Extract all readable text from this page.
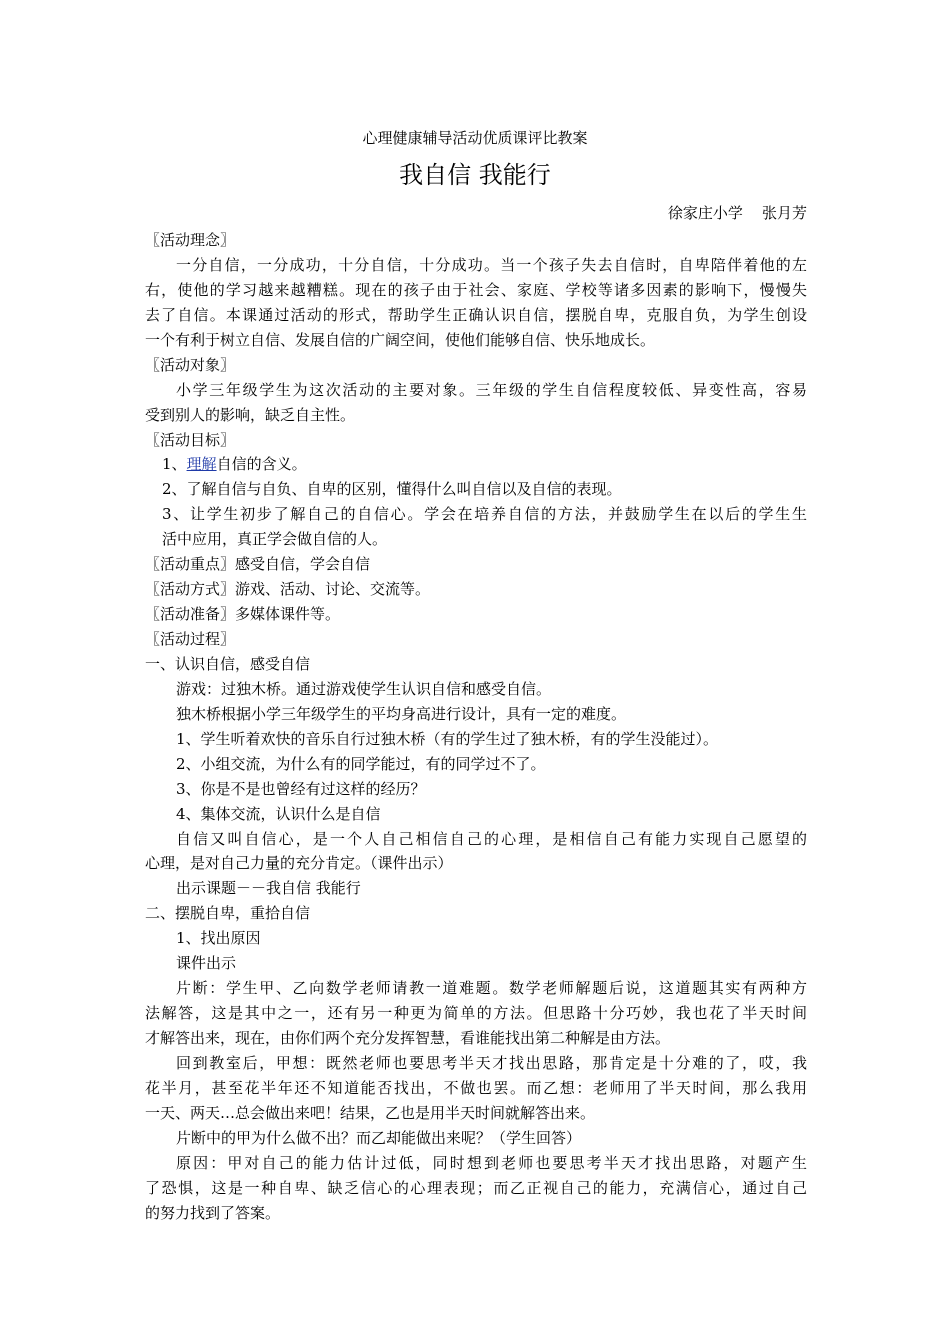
心理健康辅导活动优质课评比教案
我自信 我能行
徐家庄小学    张月芳
〖活动理念〗
一分自信，一分成功，十分自信，十分成功。当一个孩子失去自信时，自卑陪伴着他的左
右，使他的学习越来越糟糕。现在的孩子由于社会、家庭、学校等诸多因素的影响下，慢慢失
去了自信。本课通过活动的形式，帮助学生正确认识自信，摆脱自卑，克服自负，为学生创设
一个有利于树立自信、发展自信的广阔空间，使他们能够自信、快乐地成长。
〖活动对象〗
小学三年级学生为这次活动的主要对象。三年级的学生自信程度较低、异变性高，容易
受到别人的影响，缺乏自主性。
〖活动目标〗
1、理解自信的含义。
2、了解自信与自负、自卑的区别，懂得什么叫自信以及自信的表现。
3、让学生初步了解自己的自信心。学会在培养自信的方法，并鼓励学生在以后的学生生
活中应用，真正学会做自信的人。
〖活动重点〗感受自信，学会自信
〖活动方式〗游戏、活动、讨论、交流等。
〖活动准备〗多媒体课件等。
〖活动过程〗
一、认识自信，感受自信
游戏：过独木桥。通过游戏使学生认识自信和感受自信。
独木桥根据小学三年级学生的平均身高进行设计，具有一定的难度。
1、学生听着欢快的音乐自行过独木桥（有的学生过了独木桥，有的学生没能过）。
2、小组交流，为什么有的同学能过，有的同学过不了。
3、你是不是也曾经有过这样的经历？
4、集体交流，认识什么是自信
自信又叫自信心，是一个人自己相信自己的心理，是相信自己有能力实现自己愿望的
心理，是对自己力量的充分肯定。（课件出示）
出示课题－－我自信 我能行
二、摆脱自卑，重拾自信
1、找出原因
课件出示
片断：学生甲、乙向数学老师请教一道难题。数学老师解题后说，这道题其实有两种方
法解答，这是其中之一，还有另一种更为简单的方法。但思路十分巧妙，我也花了半天时间
才解答出来，现在，由你们两个充分发挥智慧，看谁能找出第二种解是由方法。
回到教室后，甲想：既然老师也要思考半天才找出思路，那肯定是十分难的了，哎，我
花半月，甚至花半年还不知道能否找出，不做也罢。而乙想：老师用了半天时间，那么我用
一天、两天…总会做出来吧！结果，乙也是用半天时间就解答出来。
片断中的甲为什么做不出？而乙却能做出来呢？（学生回答）
原因：甲对自己的能力估计过低，同时想到老师也要思考半天才找出思路，对题产生
了恐惧，这是一种自卑、缺乏信心的心理表现；而乙正视自己的能力，充满信心，通过自己
的努力找到了答案。
